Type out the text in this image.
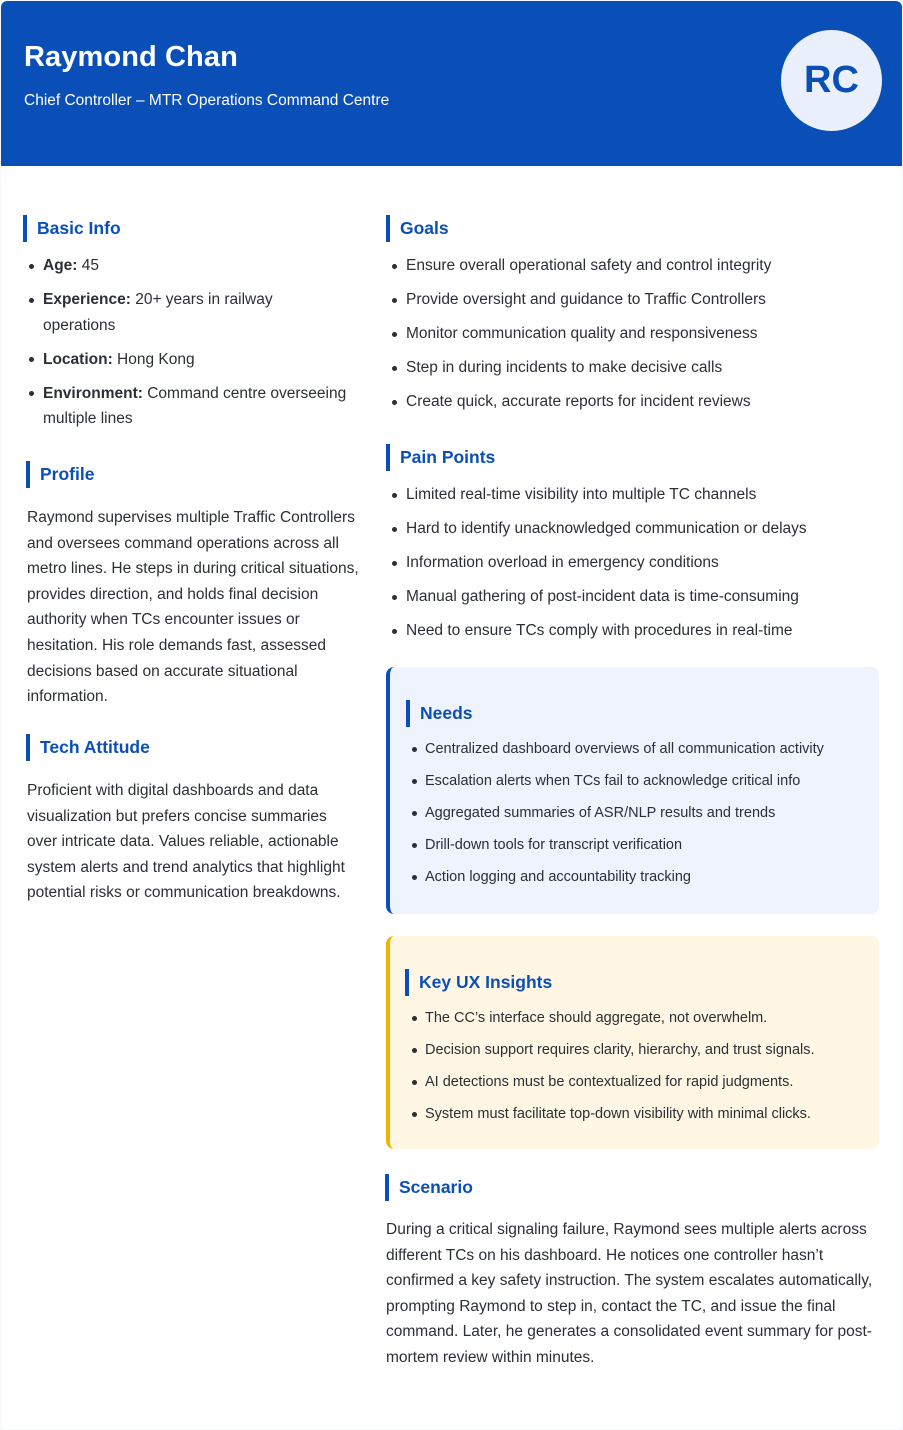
Raymond Chan
Chief Controller – MTR Operations Command Centre	RC
Basic Info
Age: 45
Experience: 20+ years in railway operations
Location: Hong Kong
Environment: Command centre overseeing multiple lines
Profile

Raymond supervises multiple Traffic Controllers and oversees command operations across all metro lines. He steps in during critical situations, provides direction, and holds final decision authority when TCs encounter issues or hesitation. His role demands fast, assessed decisions based on accurate situational information.

Tech Attitude

Proficient with digital dashboards and data visualization but prefers concise summaries over intricate data. Values reliable, actionable system alerts and trend analytics that highlight potential risks or communication breakdowns.

Goals
Ensure overall operational safety and control integrity
Provide oversight and guidance to Traffic Controllers
Monitor communication quality and responsiveness
Step in during incidents to make decisive calls
Create quick, accurate reports for incident reviews
Pain Points
Limited real-time visibility into multiple TC channels
Hard to identify unacknowledged communication or delays
Information overload in emergency conditions
Manual gathering of post-incident data is time-consuming
Need to ensure TCs comply with procedures in real-time
Needs
Centralized dashboard overviews of all communication activity
Escalation alerts when TCs fail to acknowledge critical info
Aggregated summaries of ASR/NLP results and trends
Drill-down tools for transcript verification
Action logging and accountability tracking
Key UX Insights
The CC’s interface should aggregate, not overwhelm.
Decision support requires clarity, hierarchy, and trust signals.
AI detections must be contextualized for rapid judgments.
System must facilitate top-down visibility with minimal clicks.
Scenario

During a critical signaling failure, Raymond sees multiple alerts across different TCs on his dashboard. He notices one controller hasn’t confirmed a key safety instruction. The system escalates automatically, prompting Raymond to step in, contact the TC, and issue the final command. Later, he generates a consolidated event summary for post-mortem review within minutes.
